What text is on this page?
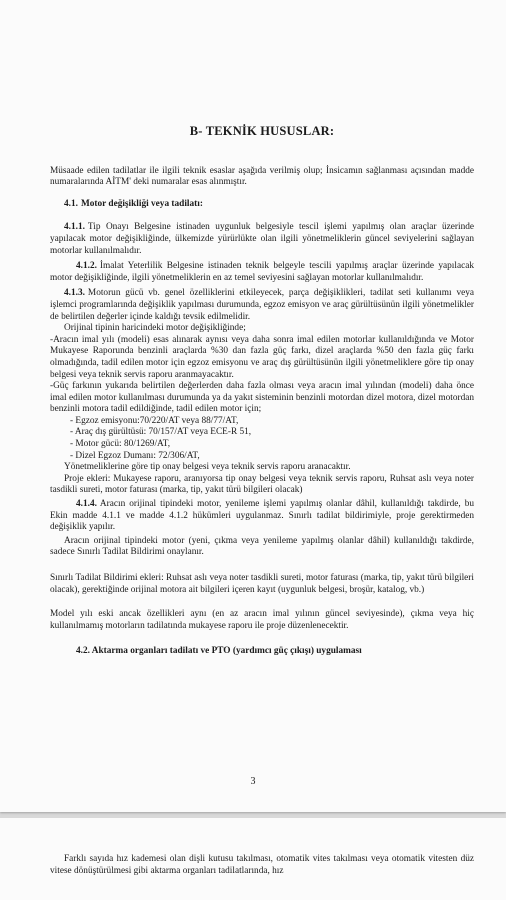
B- TEKNİK HUSUSLAR:

Müsaade edilen tadilatlar ile ilgili teknik esaslar aşağıda verilmiş olup; İnsicamın sağlanması açısından madde numaralarında AİTM' deki numaralar esas alınmıştır.

4.1. Motor değişikliği veya tadilatı:

4.1.1. Tip Onayı Belgesine istinaden uygunluk belgesiyle tescil işlemi yapılmış olan araçlar üzerinde yapılacak motor değişikliğinde, ülkemizde yürürlükte olan ilgili yönetmeliklerin güncel seviyelerini sağlayan motorlar kullanılmalıdır.

4.1.2. İmalat Yeterlilik Belgesine istinaden teknik belgeyle tescili yapılmış araçlar üzerinde yapılacak motor değişikliğinde, ilgili yönetmeliklerin en az temel seviyesini sağlayan motorlar kullanılmalıdır.

4.1.3. Motorun gücü vb. genel özelliklerini etkileyecek, parça değişiklikleri, tadilat seti kullanımı veya işlemci programlarında değişiklik yapılması durumunda, egzoz emisyon ve araç gürültüsünün ilgili yönetmelikler de belirtilen değerler içinde kaldığı tevsik edilmelidir.

Orijinal tipinin haricindeki motor değişikliğinde;

-Aracın imal yılı (modeli) esas alınarak aynısı veya daha sonra imal edilen motorlar kullanıldığında ve Motor Mukayese Raporunda benzinli araçlarda %30 dan fazla güç farkı, dizel araçlarda %50 den fazla güç farkı olmadığında, tadil edilen motor için egzoz emisyonu ve araç dış gürültüsünün ilgili yönetmeliklere göre tip onay belgesi veya teknik servis raporu aranmayacaktır.

-Güç farkının yukarıda belirtilen değerlerden daha fazla olması veya aracın imal yılından (modeli) daha önce imal edilen motor kullanılması durumunda ya da yakıt sisteminin benzinli motordan dizel motora, dizel motordan benzinli motora tadil edildiğinde, tadil edilen motor için;

- Egzoz emisyonu:70/220/AT veya 88/77/AT,

- Araç dış gürültüsü: 70/157/AT veya ECE-R 51,

- Motor gücü: 80/1269/AT,

- Dizel Egzoz Dumanı: 72/306/AT,

Yönetmeliklerine göre tip onay belgesi veya teknik servis raporu aranacaktır.

Proje ekleri: Mukayese raporu, aranıyorsa tip onay belgesi veya teknik servis raporu, Ruhsat aslı veya noter tasdikli sureti, motor faturası (marka, tip, yakıt türü bilgileri olacak)

4.1.4. Aracın orijinal tipindeki motor, yenileme işlemi yapılmış olanlar dâhil, kullanıldığı takdirde, bu Ekin madde 4.1.1 ve madde 4.1.2 hükümleri uygulanmaz. Sınırlı tadilat bildirimiyle, proje gerektirmeden değişiklik yapılır.

Aracın orijinal tipindeki motor (yeni, çıkma veya yenileme yapılmış olanlar dâhil) kullanıldığı takdirde, sadece Sınırlı Tadilat Bildirimi onaylanır.

Sınırlı Tadilat Bildirimi ekleri: Ruhsat aslı veya noter tasdikli sureti, motor faturası (marka, tip, yakıt türü bilgileri olacak), gerektiğinde orijinal motora ait bilgileri içeren kayıt (uygunluk belgesi, broşür, katalog, vb.)

Model yılı eski ancak özellikleri aynı (en az aracın imal yılının güncel seviyesinde), çıkma veya hiç kullanılmamış motorların tadilatında mukayese raporu ile proje düzenlenecektir.

4.2. Aktarma organları tadilatı ve PTO (yardımcı güç çıkışı) uygulaması

3

Farklı sayıda hız kademesi olan dişli kutusu takılması, otomatik vites takılması veya otomatik vitesten düz vitese dönüştürülmesi gibi aktarma organları tadilatlarında, hız
